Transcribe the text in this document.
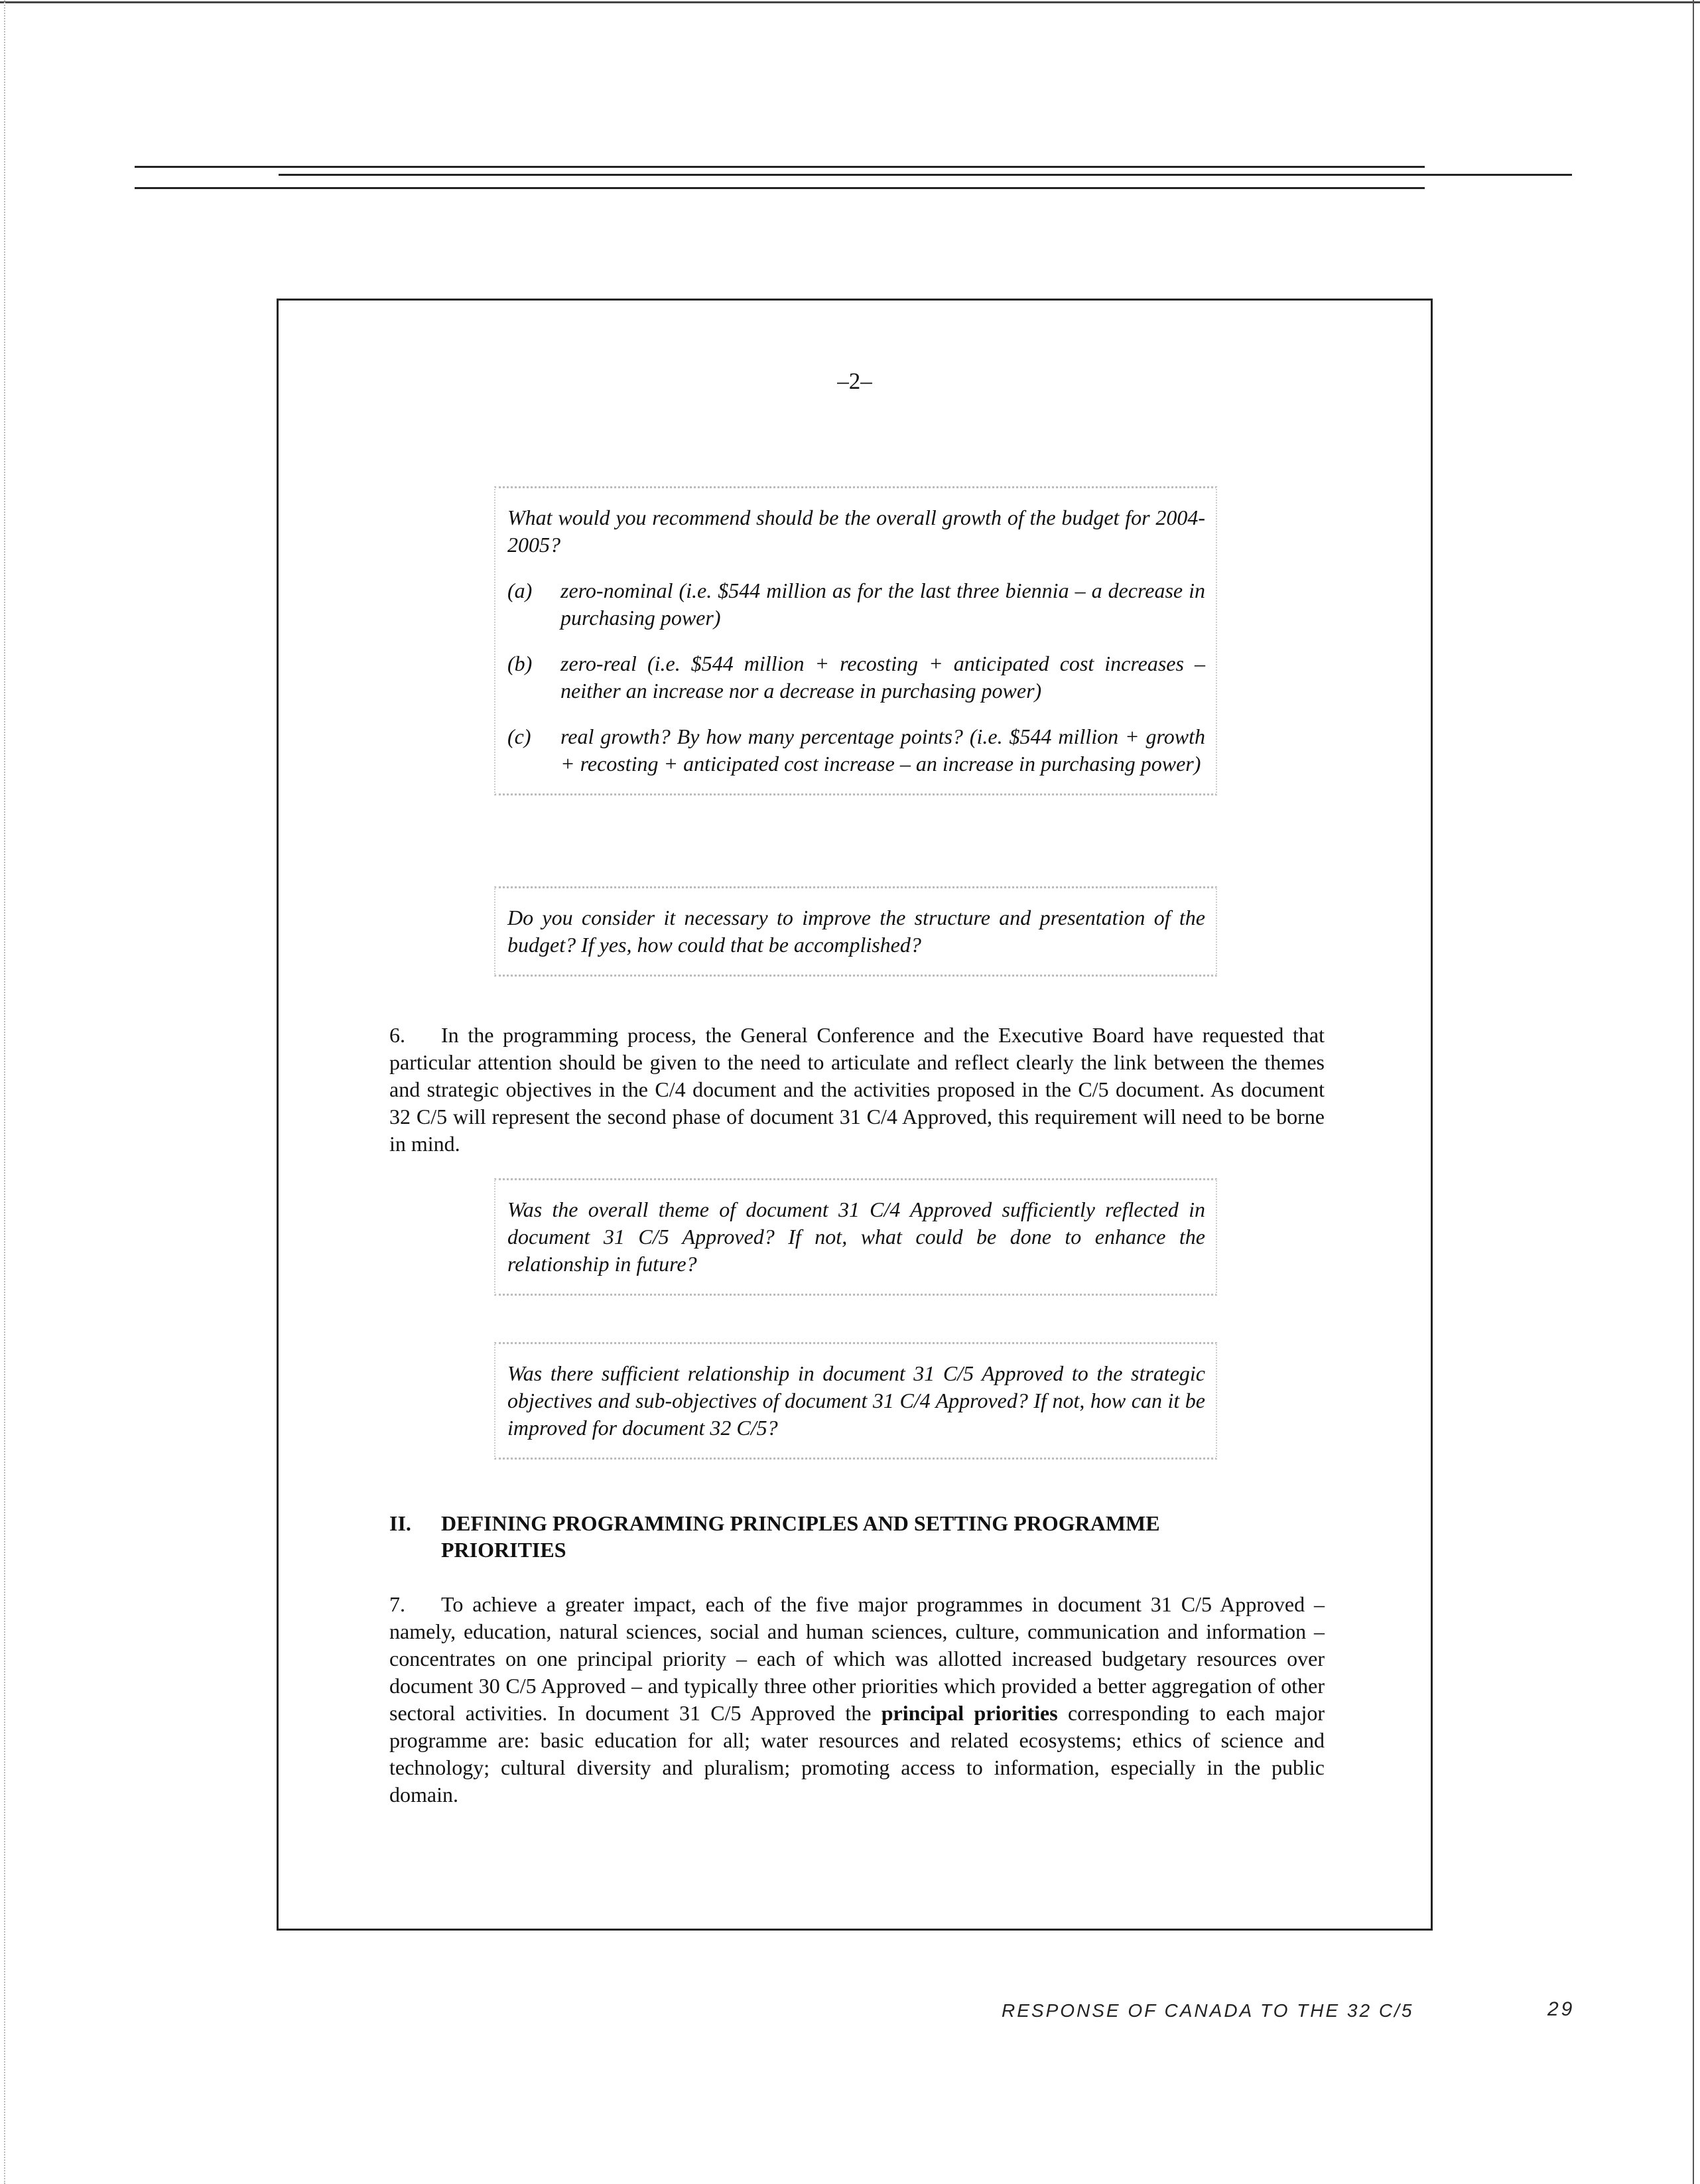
–2–

What would you recommend should be the overall growth of the budget for 2004-2005?

(a)	zero-nominal (i.e. $544 million as for the last three biennia – a decrease in purchasing power)
(b)	zero-real (i.e. $544 million + recosting + anticipated cost increases – neither an increase nor a decrease in purchasing power)
(c)	real growth? By how many percentage points? (i.e. $544 million + growth + recosting + anticipated cost increase – an increase in purchasing power)

Do you consider it necessary to improve the structure and presentation of the budget? If yes, how could that be accomplished?

6. In the programming process, the General Conference and the Executive Board have requested that particular attention should be given to the need to articulate and reflect clearly the link between the themes and strategic objectives in the C/4 document and the activities proposed in the C/5 document. As document 32 C/5 will represent the second phase of document 31 C/4 Approved, this requirement will need to be borne in mind.

Was the overall theme of document 31 C/4 Approved sufficiently reflected in document 31 C/5 Approved? If not, what could be done to enhance the relationship in future?

Was there sufficient relationship in document 31 C/5 Approved to the strategic objectives and sub-objectives of document 31 C/4 Approved? If not, how can it be improved for document 32 C/5?

II.	DEFINING PROGRAMMING PRINCIPLES AND SETTING PROGRAMME PRIORITIES
7. To achieve a greater impact, each of the five major programmes in document 31 C/5 Approved – namely, education, natural sciences, social and human sciences, culture, communication and information – concentrates on one principal priority – each of which was allotted increased budgetary resources over document 30 C/5 Approved – and typically three other priorities which provided a better aggregation of other sectoral activities. In document 31 C/5 Approved the principal priorities corresponding to each major programme are: basic education for all; water resources and related ecosystems; ethics of science and technology; cultural diversity and pluralism; promoting access to information, especially in the public domain.
RESPONSE OF CANADA TO THE 32 C/5	29
